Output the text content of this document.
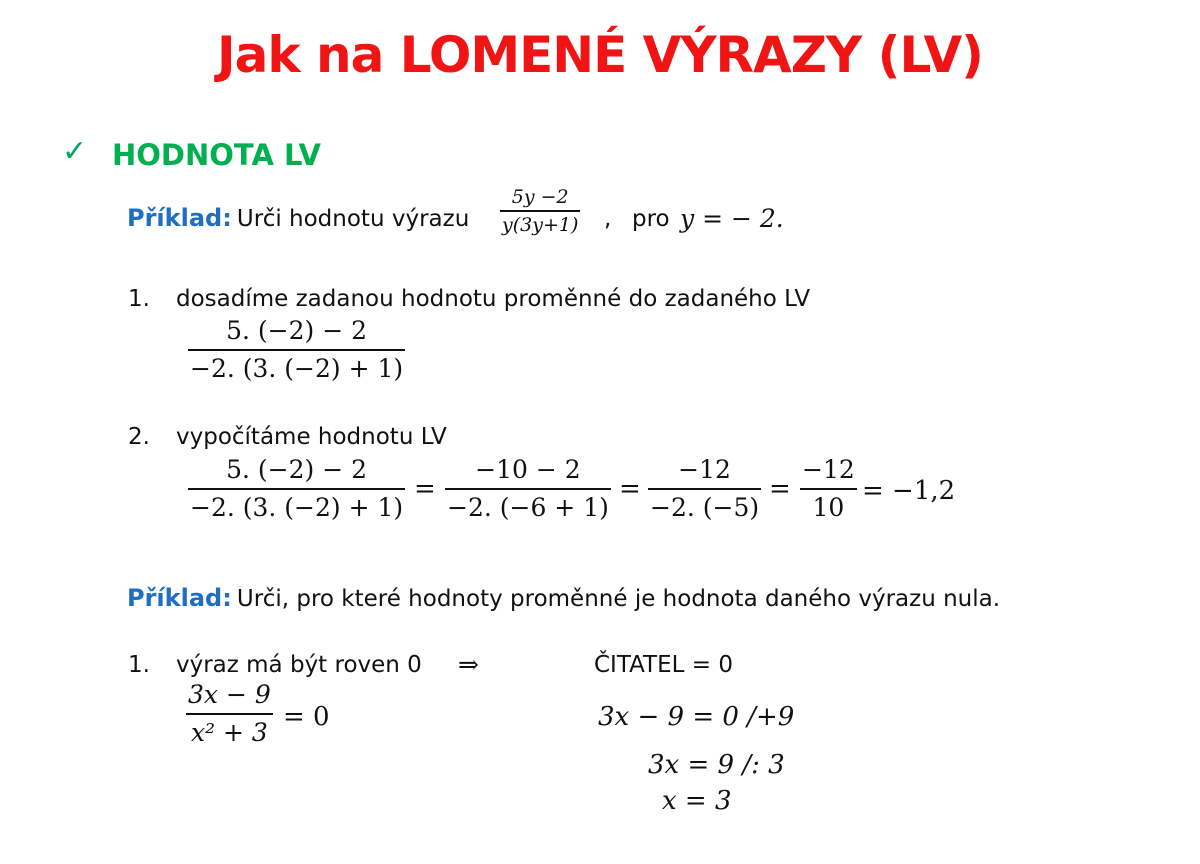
Jak na LOMENÉ VÝRAZY (LV)
✓ HODNOTA LV
Příklad: Urči hodnotu výrazu
5y −2
y(3y+1) , pro y = − 2.
1. dosadíme zadanou hodnotu proměnné do zadaného LV
5. (−2) − 2
−2. (3. (−2) + 1)
2. vypočítáme hodnotu LV
5. (−2) − 2
−2. (3. (−2) + 1)
=
−10 − 2
−2. (−6 + 1)
=
−12
−2. (−5)
=
−12
10
= −1,2
Příklad: Urči, pro které hodnoty proměnné je hodnota daného výrazu nula.
1. výraz má být roven 0 ⇒	ČITATEL = 0
3x − 9
x² + 3
= 0	3x − 9 = 0 /+9
3x = 9 /: 3
x = 3
